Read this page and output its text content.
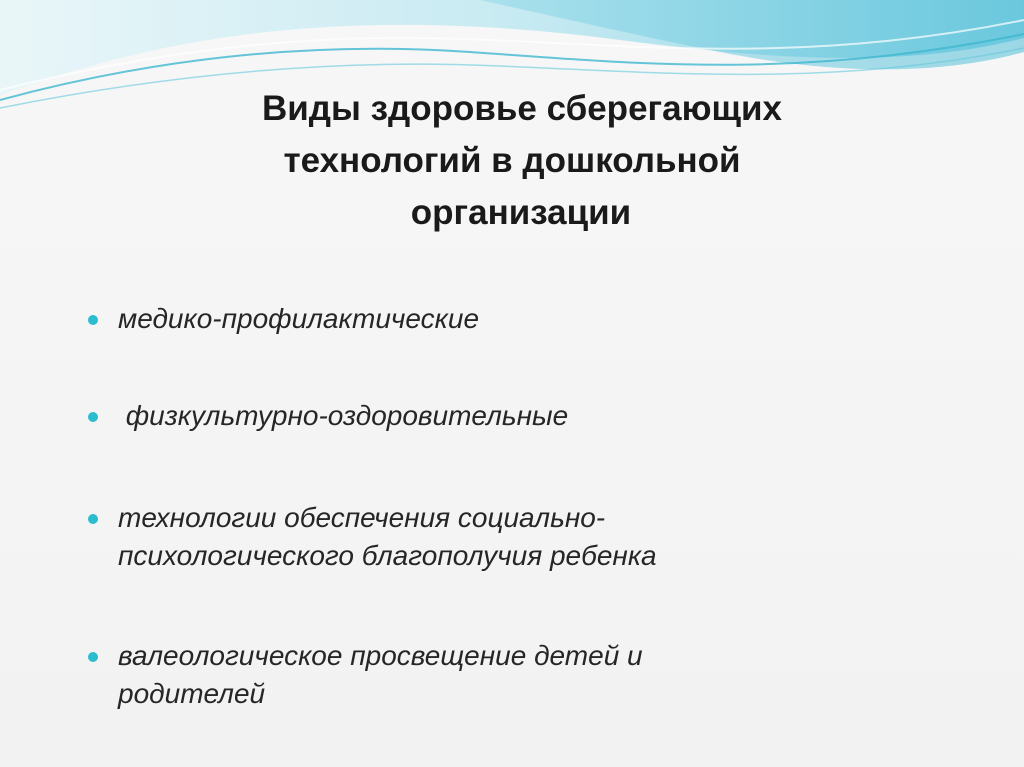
Виды здоровье сберегающих
технологий в дошкольной
организации
медико-профилактические
физкультурно-оздоровительные
технологии обеспечения социально-
психологического благополучия ребенка
валеологическое просвещение детей и
родителей
